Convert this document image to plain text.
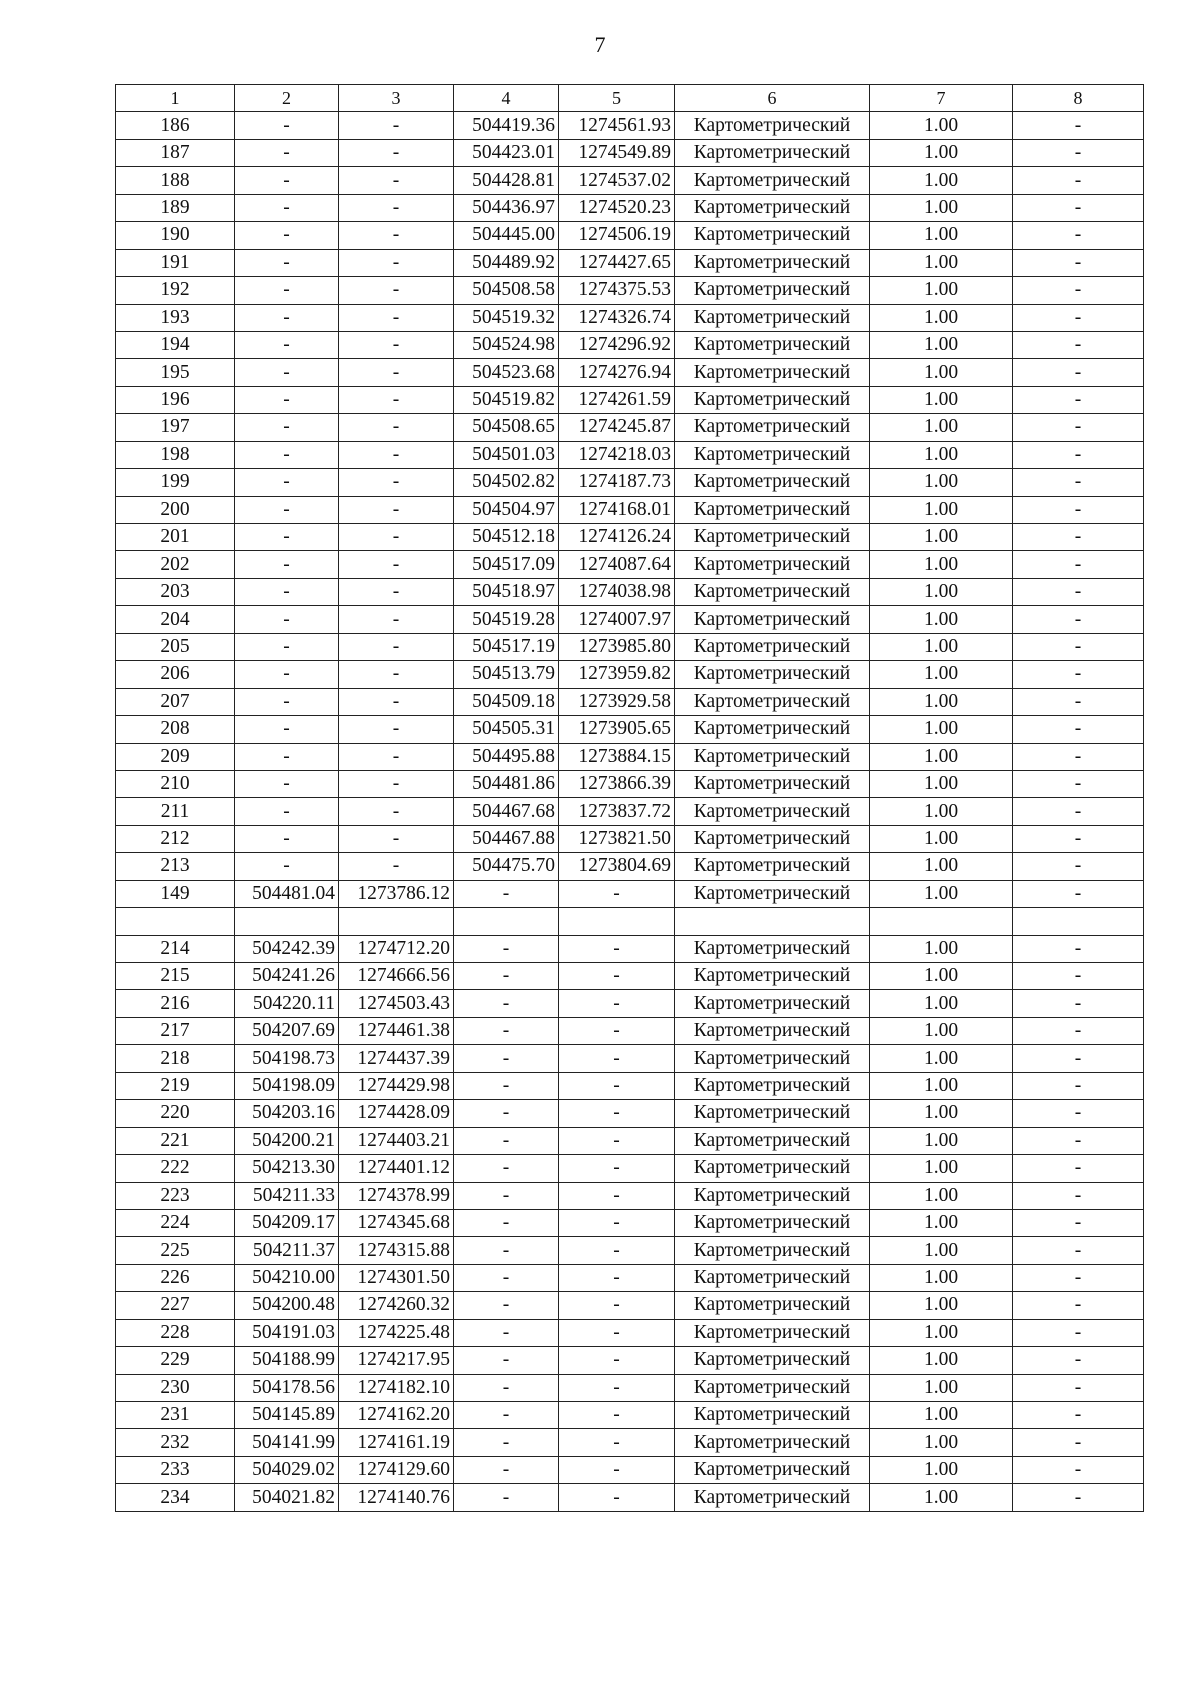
7
1	2	3	4	5	6	7	8
186	-	-	504419.36	1274561.93	Картометрический	1.00	-
187	-	-	504423.01	1274549.89	Картометрический	1.00	-
188	-	-	504428.81	1274537.02	Картометрический	1.00	-
189	-	-	504436.97	1274520.23	Картометрический	1.00	-
190	-	-	504445.00	1274506.19	Картометрический	1.00	-
191	-	-	504489.92	1274427.65	Картометрический	1.00	-
192	-	-	504508.58	1274375.53	Картометрический	1.00	-
193	-	-	504519.32	1274326.74	Картометрический	1.00	-
194	-	-	504524.98	1274296.92	Картометрический	1.00	-
195	-	-	504523.68	1274276.94	Картометрический	1.00	-
196	-	-	504519.82	1274261.59	Картометрический	1.00	-
197	-	-	504508.65	1274245.87	Картометрический	1.00	-
198	-	-	504501.03	1274218.03	Картометрический	1.00	-
199	-	-	504502.82	1274187.73	Картометрический	1.00	-
200	-	-	504504.97	1274168.01	Картометрический	1.00	-
201	-	-	504512.18	1274126.24	Картометрический	1.00	-
202	-	-	504517.09	1274087.64	Картометрический	1.00	-
203	-	-	504518.97	1274038.98	Картометрический	1.00	-
204	-	-	504519.28	1274007.97	Картометрический	1.00	-
205	-	-	504517.19	1273985.80	Картометрический	1.00	-
206	-	-	504513.79	1273959.82	Картометрический	1.00	-
207	-	-	504509.18	1273929.58	Картометрический	1.00	-
208	-	-	504505.31	1273905.65	Картометрический	1.00	-
209	-	-	504495.88	1273884.15	Картометрический	1.00	-
210	-	-	504481.86	1273866.39	Картометрический	1.00	-
211	-	-	504467.68	1273837.72	Картометрический	1.00	-
212	-	-	504467.88	1273821.50	Картометрический	1.00	-
213	-	-	504475.70	1273804.69	Картометрический	1.00	-
149	504481.04	1273786.12	-	-	Картометрический	1.00	-

214	504242.39	1274712.20	-	-	Картометрический	1.00	-
215	504241.26	1274666.56	-	-	Картометрический	1.00	-
216	504220.11	1274503.43	-	-	Картометрический	1.00	-
217	504207.69	1274461.38	-	-	Картометрический	1.00	-
218	504198.73	1274437.39	-	-	Картометрический	1.00	-
219	504198.09	1274429.98	-	-	Картометрический	1.00	-
220	504203.16	1274428.09	-	-	Картометрический	1.00	-
221	504200.21	1274403.21	-	-	Картометрический	1.00	-
222	504213.30	1274401.12	-	-	Картометрический	1.00	-
223	504211.33	1274378.99	-	-	Картометрический	1.00	-
224	504209.17	1274345.68	-	-	Картометрический	1.00	-
225	504211.37	1274315.88	-	-	Картометрический	1.00	-
226	504210.00	1274301.50	-	-	Картометрический	1.00	-
227	504200.48	1274260.32	-	-	Картометрический	1.00	-
228	504191.03	1274225.48	-	-	Картометрический	1.00	-
229	504188.99	1274217.95	-	-	Картометрический	1.00	-
230	504178.56	1274182.10	-	-	Картометрический	1.00	-
231	504145.89	1274162.20	-	-	Картометрический	1.00	-
232	504141.99	1274161.19	-	-	Картометрический	1.00	-
233	504029.02	1274129.60	-	-	Картометрический	1.00	-
234	504021.82	1274140.76	-	-	Картометрический	1.00	-
